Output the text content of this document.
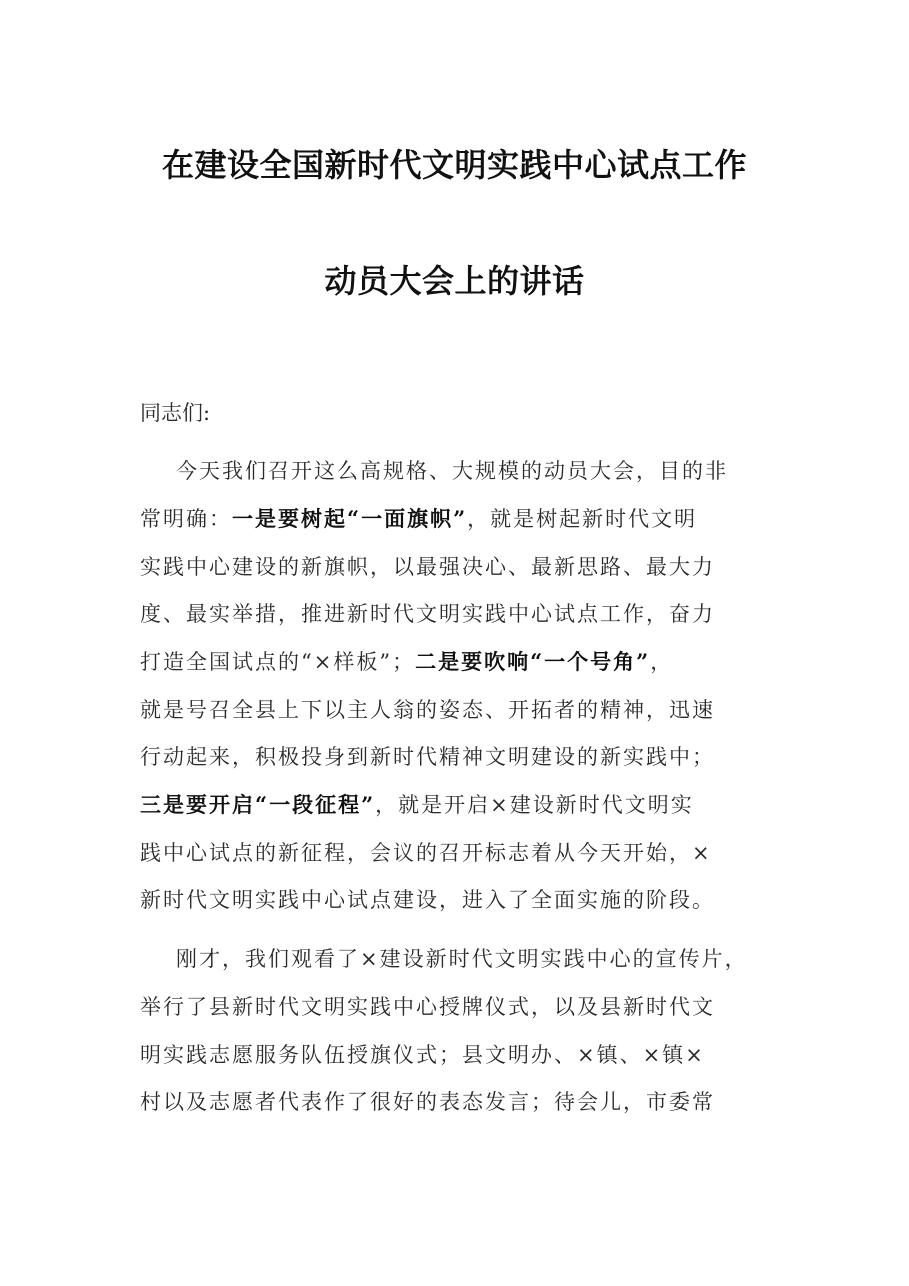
在建设全国新时代文明实践中心试点工作
动员大会上的讲话
同志们:
今天我们召开这么高规格、大规模的动员大会，目的非
常明确：一是要树起“一面旗帜”，就是树起新时代文明
实践中心建设的新旗帜，以最强决心、最新思路、最大力
度、最实举措，推进新时代文明实践中心试点工作，奋力
打造全国试点的“×样板”；二是要吹响“一个号角”，
就是号召全县上下以主人翁的姿态、开拓者的精神，迅速
行动起来，积极投身到新时代精神文明建设的新实践中；
三是要开启“一段征程”，就是开启×建设新时代文明实
践中心试点的新征程，会议的召开标志着从今天开始，×
新时代文明实践中心试点建设，进入了全面实施的阶段。
刚才，我们观看了×建设新时代文明实践中心的宣传片，
举行了县新时代文明实践中心授牌仪式，以及县新时代文
明实践志愿服务队伍授旗仪式；县文明办、×镇、×镇×
村以及志愿者代表作了很好的表态发言；待会儿，市委常
